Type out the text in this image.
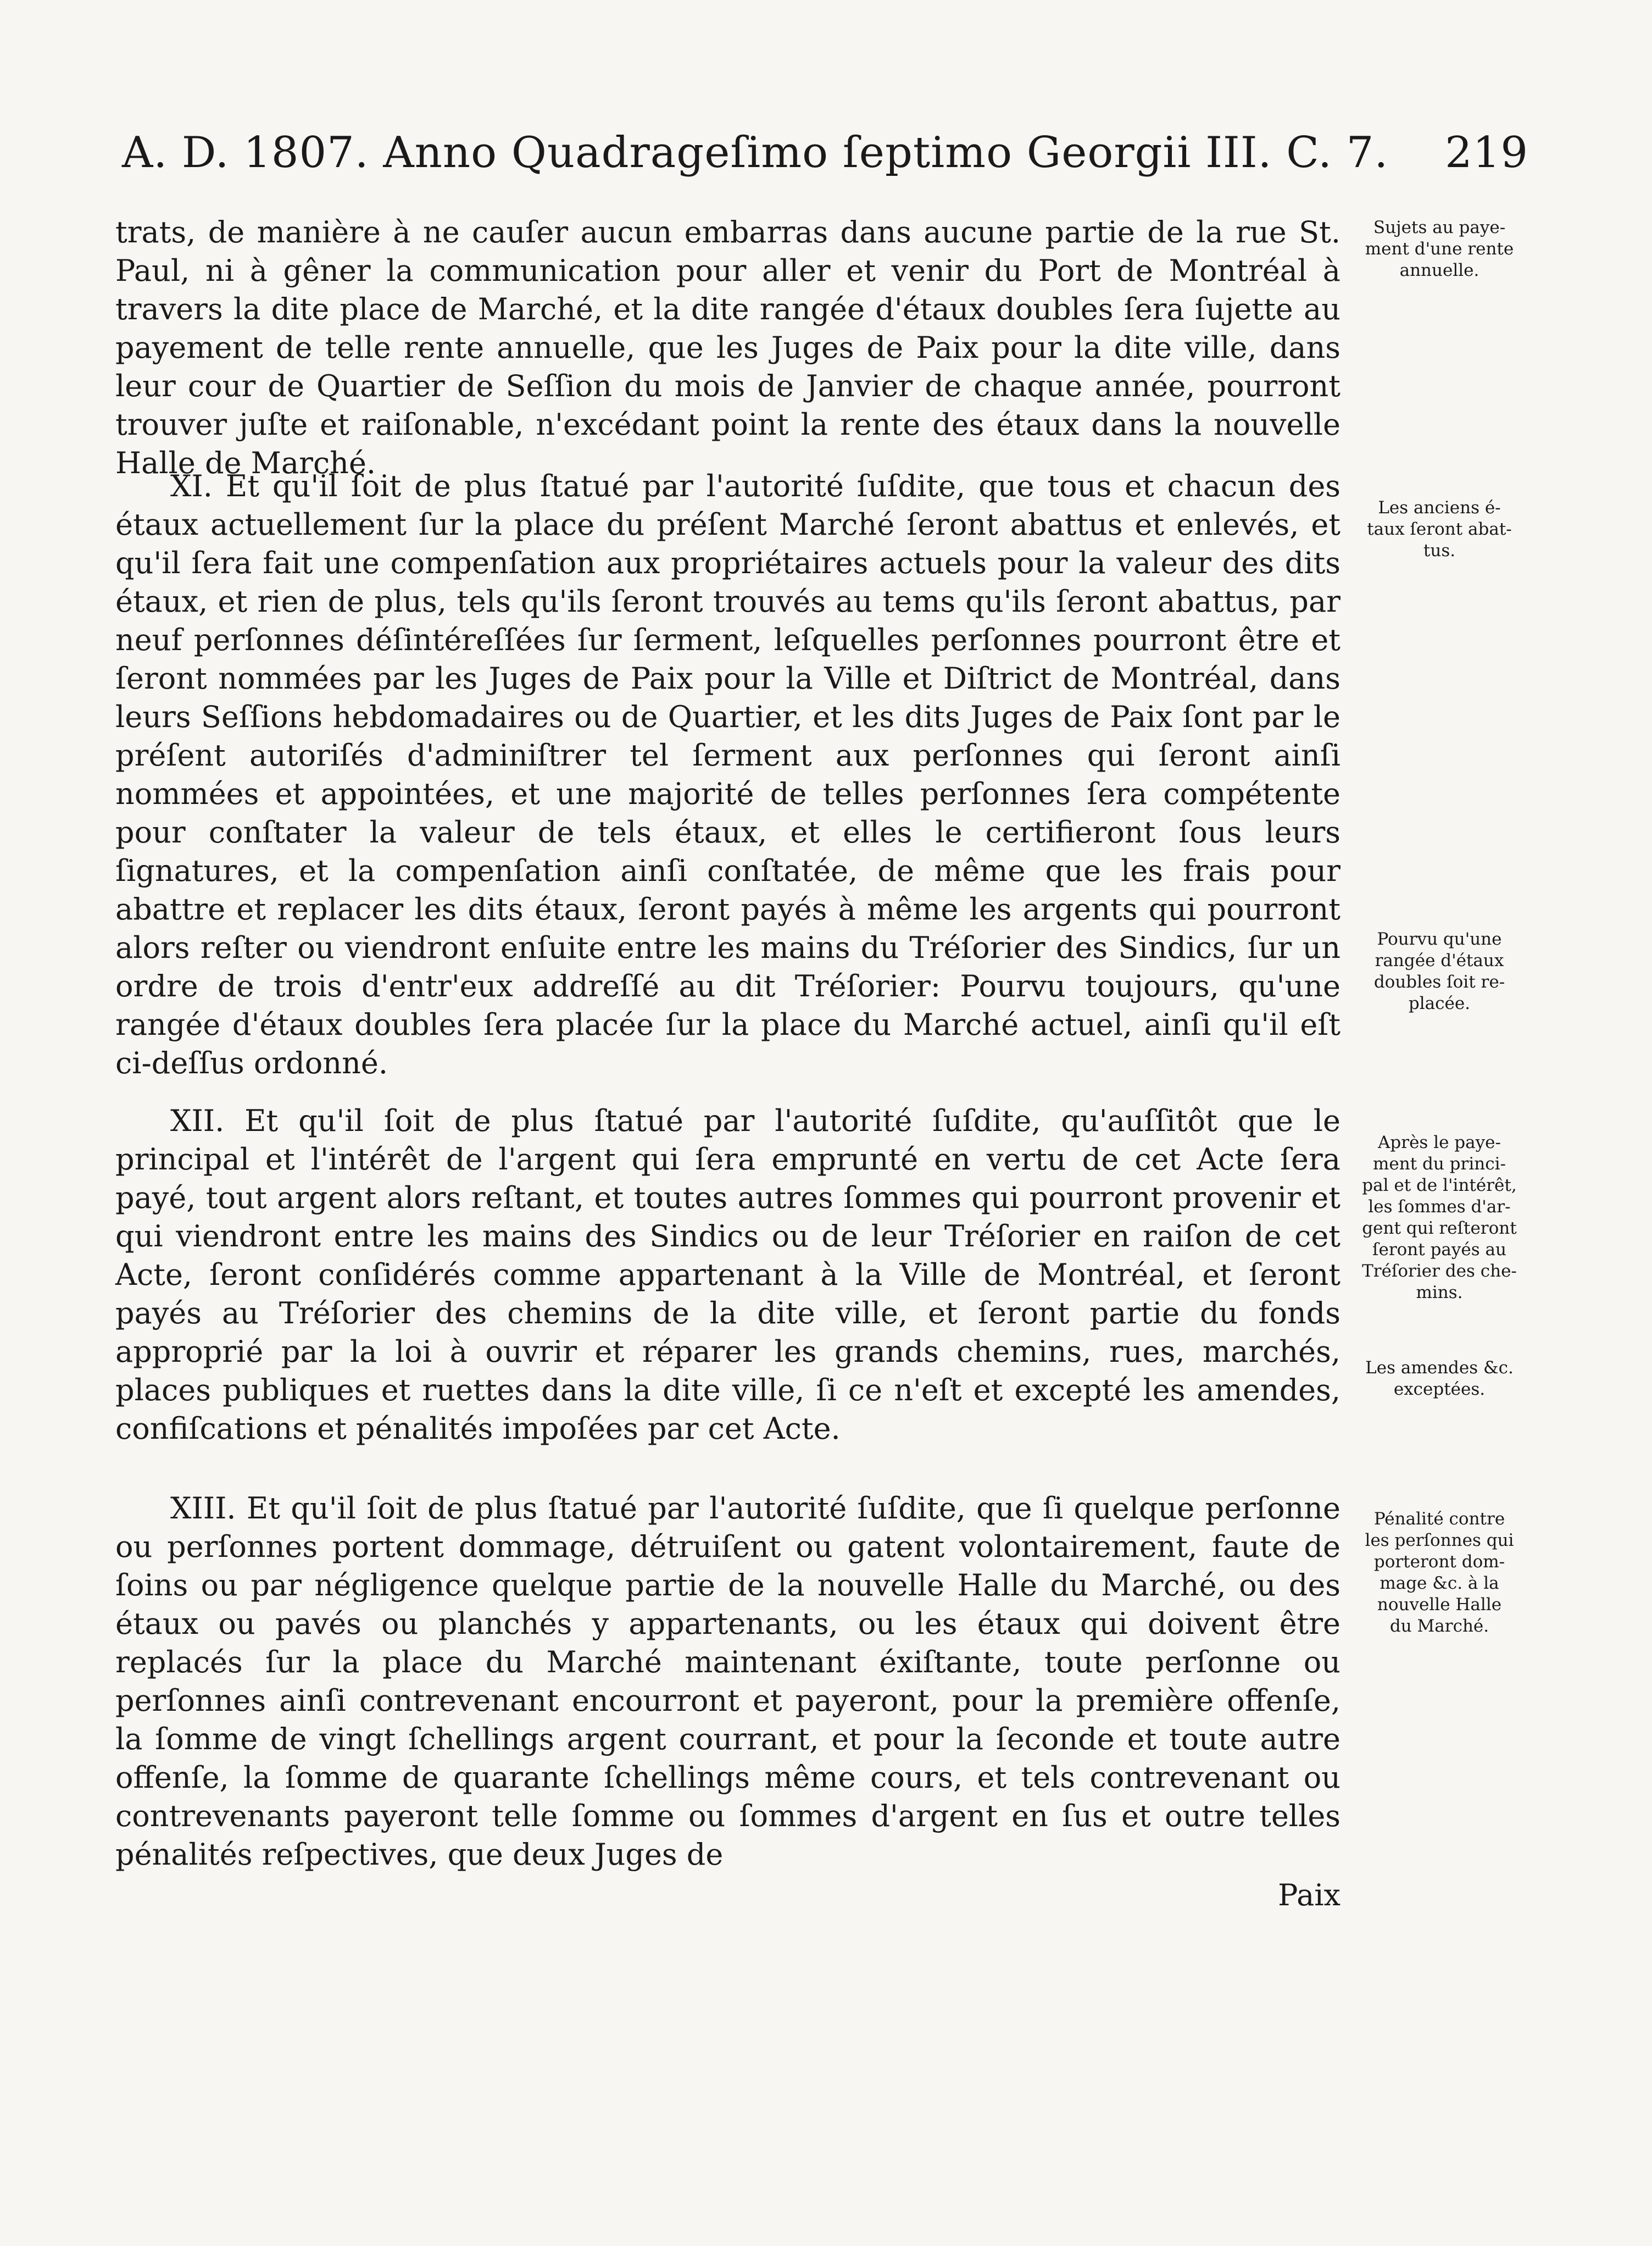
A. D. 1807. Anno Quadrageſimo ſeptimo Georgii III. C. 7. 219

trats, de manière à ne cauſer aucun embarras dans aucune partie de la rue St. Paul, ni à gêner la communication pour aller et venir du Port de Montréal à travers la dite place de Marché, et la dite rangée d'étaux doubles ſera ſujette au payement de telle rente annuelle, que les Juges de Paix pour la dite ville, dans leur cour de Quartier de Seſſion du mois de Janvier de chaque année, pourront trouver juſte et raiſonable, n'excédant point la rente des étaux dans la nouvelle Halle de Marché.

XI. Et qu'il ſoit de plus ſtatué par l'autorité ſuſdite, que tous et chacun des étaux actuellement ſur la place du préſent Marché ſeront abattus et enlevés, et qu'il ſera fait une compenſation aux propriétaires actuels pour la valeur des dits étaux, et rien de plus, tels qu'ils ſeront trouvés au tems qu'ils ſeront abattus, par neuf perſonnes déſintéreſſées ſur ſerment, leſquelles perſonnes pourront être et ſeront nommées par les Juges de Paix pour la Ville et Diſtrict de Montréal, dans leurs Seſſions hebdomadaires ou de Quartier, et les dits Juges de Paix ſont par le préſent autoriſés d'adminiſtrer tel ſerment aux perſonnes qui ſeront ainſi nommées et appointées, et une majorité de telles perſonnes ſera compétente pour conſtater la valeur de tels étaux, et elles le certifieront ſous leurs ſignatures, et la compenſation ainſi conſtatée, de même que les frais pour abattre et replacer les dits étaux, ſeront payés à même les argents qui pourront alors reſter ou viendront enſuite entre les mains du Tréſorier des Sindics, ſur un ordre de trois d'entr'eux addreſſé au dit Tréſorier: Pourvu toujours, qu'une rangée d'étaux doubles ſera placée ſur la place du Marché actuel, ainſi qu'il eſt ci-deſſus ordonné.

XII. Et qu'il ſoit de plus ſtatué par l'autorité ſuſdite, qu'auſſitôt que le principal et l'intérêt de l'argent qui ſera emprunté en vertu de cet Acte ſera payé, tout argent alors reſtant, et toutes autres ſommes qui pourront provenir et qui viendront entre les mains des Sindics ou de leur Tréſorier en raiſon de cet Acte, ſeront conſidérés comme appartenant à la Ville de Montréal, et ſeront payés au Tréſorier des chemins de la dite ville, et ſeront partie du fonds approprié par la loi à ouvrir et réparer les grands chemins, rues, marchés, places publiques et ruettes dans la dite ville, ſi ce n'eſt et excepté les amendes, confiſcations et pénalités impoſées par cet Acte.

XIII. Et qu'il ſoit de plus ſtatué par l'autorité ſuſdite, que ſi quelque perſonne ou perſonnes portent dommage, détruiſent ou gatent volontairement, faute de ſoins ou par négligence quelque partie de la nouvelle Halle du Marché, ou des étaux ou pavés ou planchés y appartenants, ou les étaux qui doivent être replacés ſur la place du Marché maintenant éxiſtante, toute perſonne ou perſonnes ainſi contrevenant encourront et payeront, pour la première offenſe, la ſomme de vingt ſchellings argent courrant, et pour la ſeconde et toute autre offenſe, la ſomme de quarante ſchellings même cours, et tels contrevenant ou contrevenants payeront telle ſomme ou ſommes d'argent en ſus et outre telles pénalités reſpectives, que deux Juges de

Paix

Sujets au paye-
ment d'une rente
annuelle.
Les anciens é-
taux ſeront abat-
tus.
Pourvu qu'une
rangée d'étaux
doubles ſoit re-
placée.
Après le paye-
ment du princi-
pal et de l'intérêt,
les ſommes d'ar-
gent qui reſteront
ſeront payés au
Tréſorier des che-
mins.
Les amendes &c.
exceptées.
Pénalité contre
les perſonnes qui
porteront dom-
mage &c. à la
nouvelle Halle
du Marché.
